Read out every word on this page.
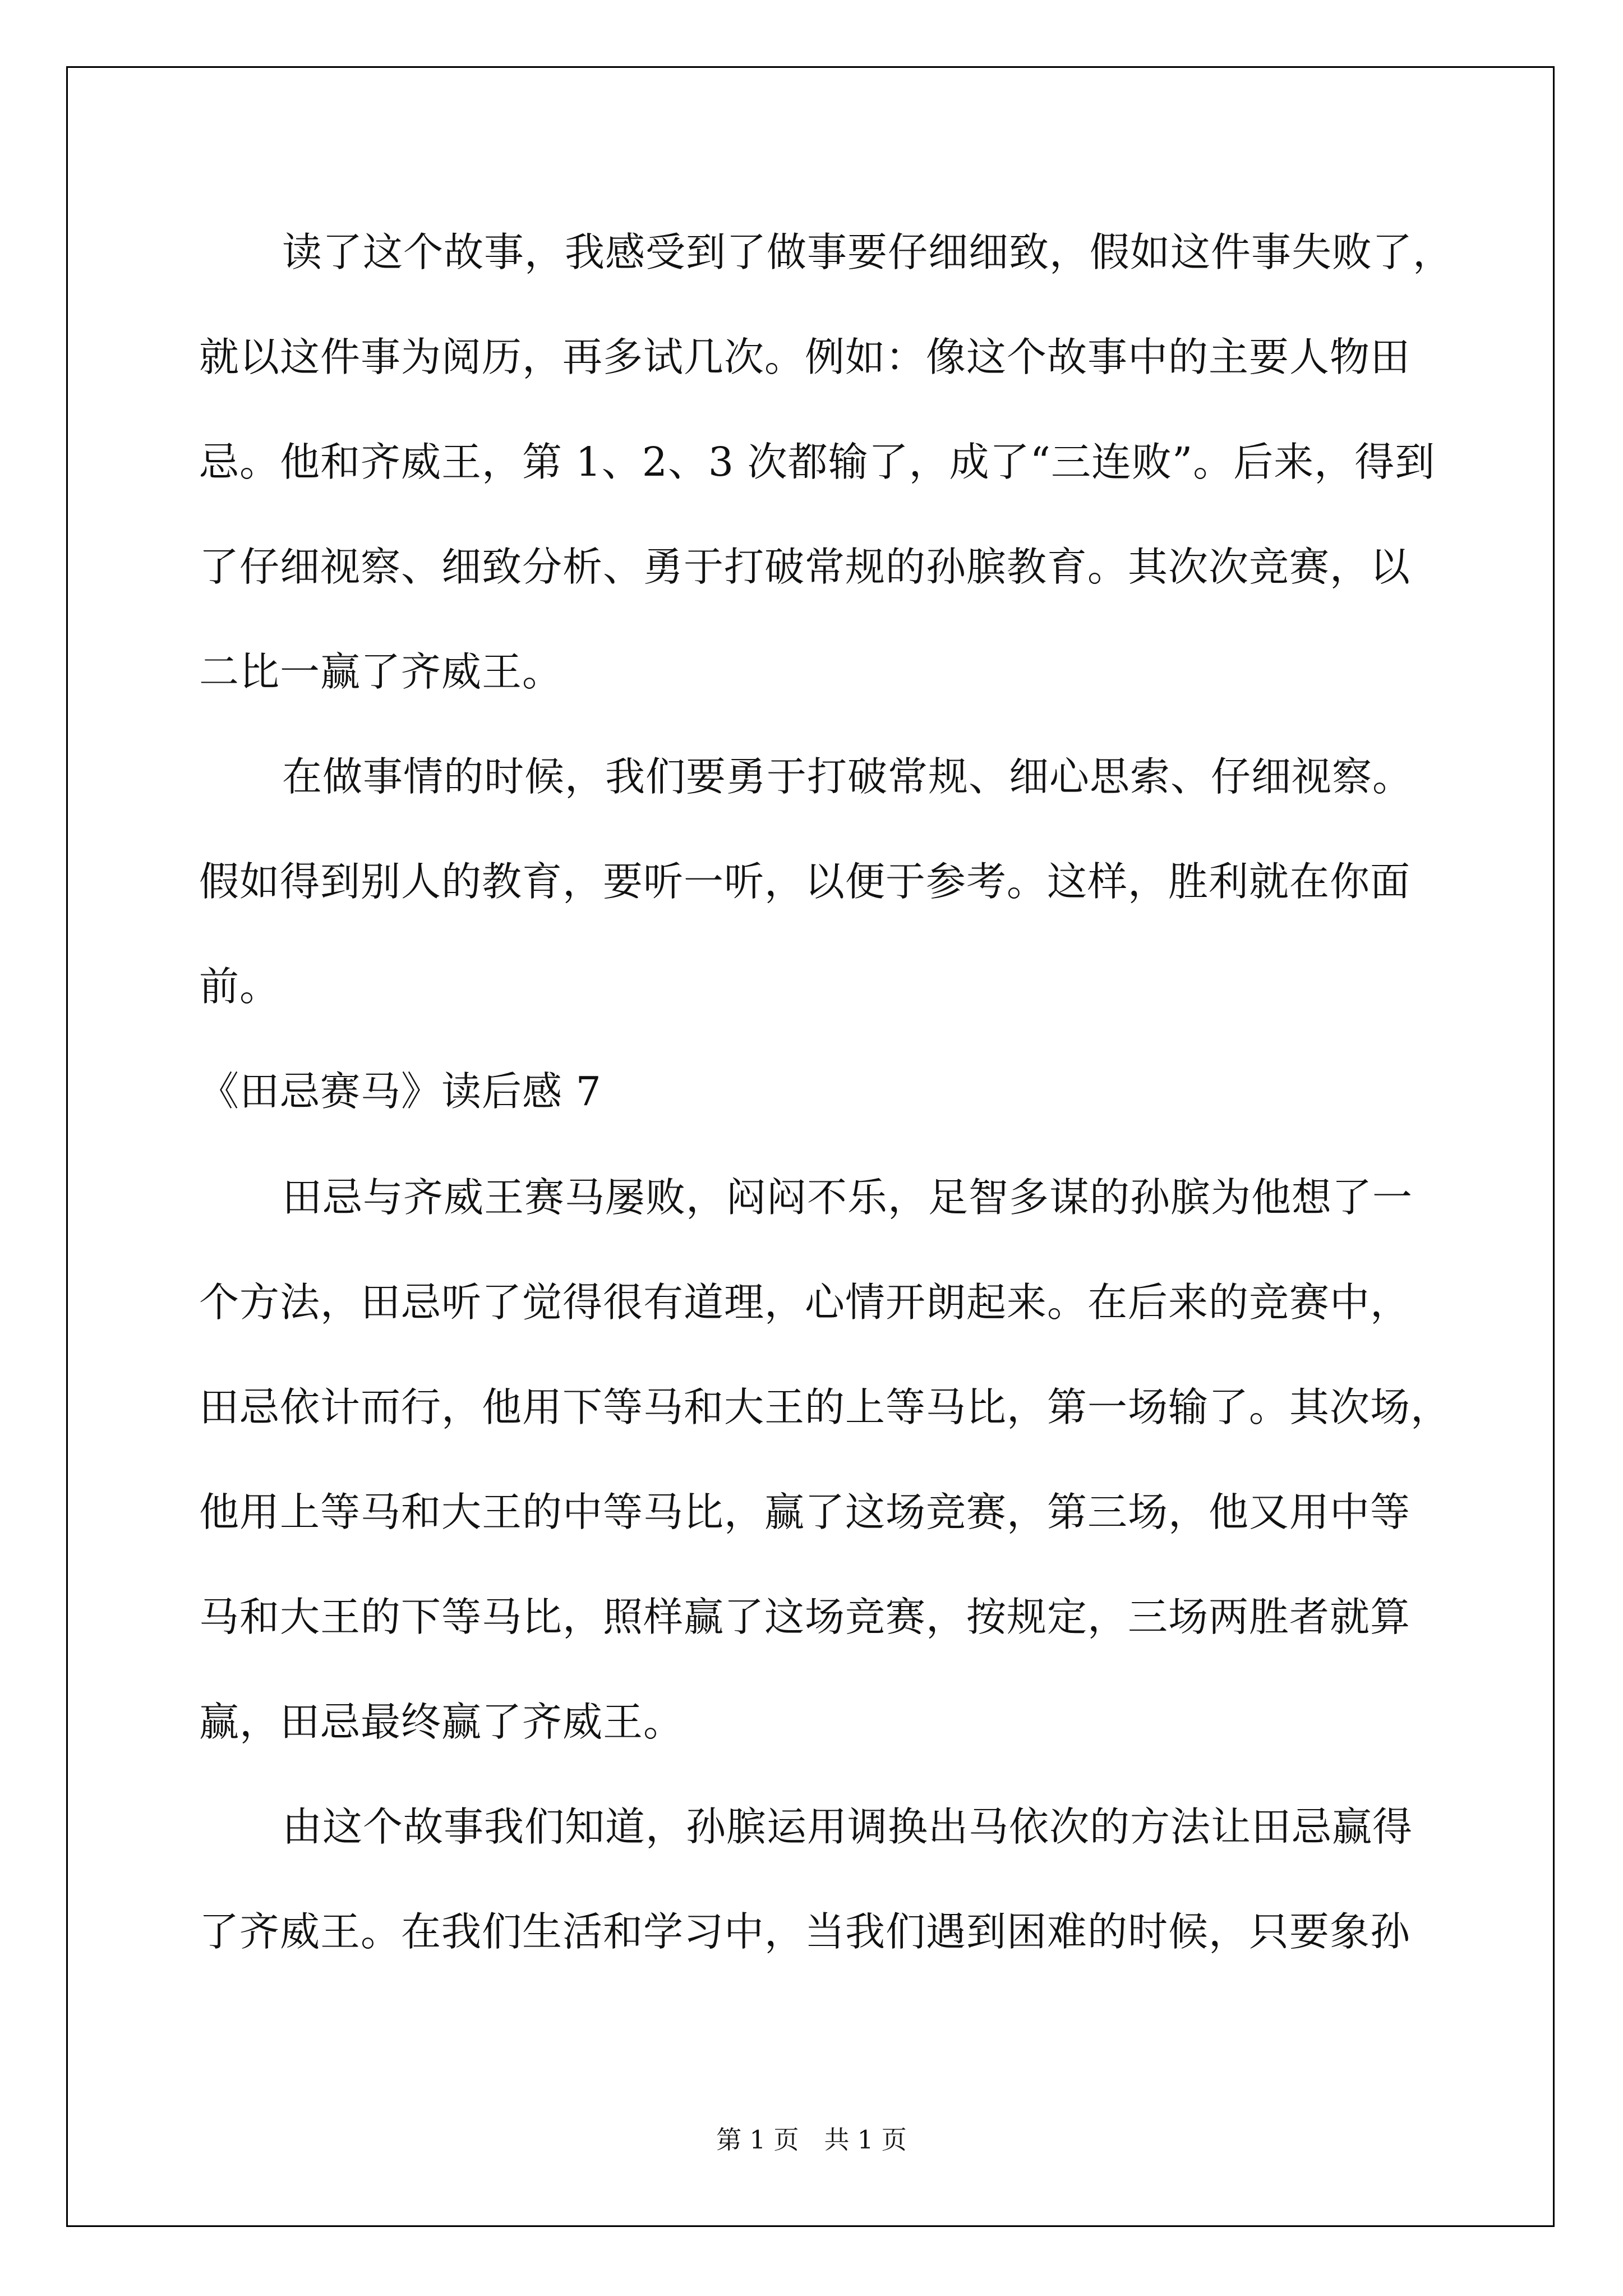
读了这个故事，我感受到了做事要仔细细致，假如这件事失败了，
就以这件事为阅历，再多试几次。例如：像这个故事中的主要人物田
忌。他和齐威王，第 1、2、3 次都输了，成了“三连败”。后来，得到
了仔细视察、细致分析、勇于打破常规的孙膑教育。其次次竞赛，以
二比一赢了齐威王。
在做事情的时候，我们要勇于打破常规、细心思索、仔细视察。
假如得到别人的教育，要听一听，以便于参考。这样，胜利就在你面
前。
《田忌赛马》读后感 7
田忌与齐威王赛马屡败，闷闷不乐，足智多谋的孙膑为他想了一
个方法，田忌听了觉得很有道理，心情开朗起来。在后来的竞赛中，
田忌依计而行，他用下等马和大王的上等马比，第一场输了。其次场，
他用上等马和大王的中等马比，赢了这场竞赛，第三场，他又用中等
马和大王的下等马比，照样赢了这场竞赛，按规定，三场两胜者就算
赢，田忌最终赢了齐威王。
由这个故事我们知道，孙膑运用调换出马依次的方法让田忌赢得
了齐威王。在我们生活和学习中，当我们遇到困难的时候，只要象孙
第 1 页　共 1 页
